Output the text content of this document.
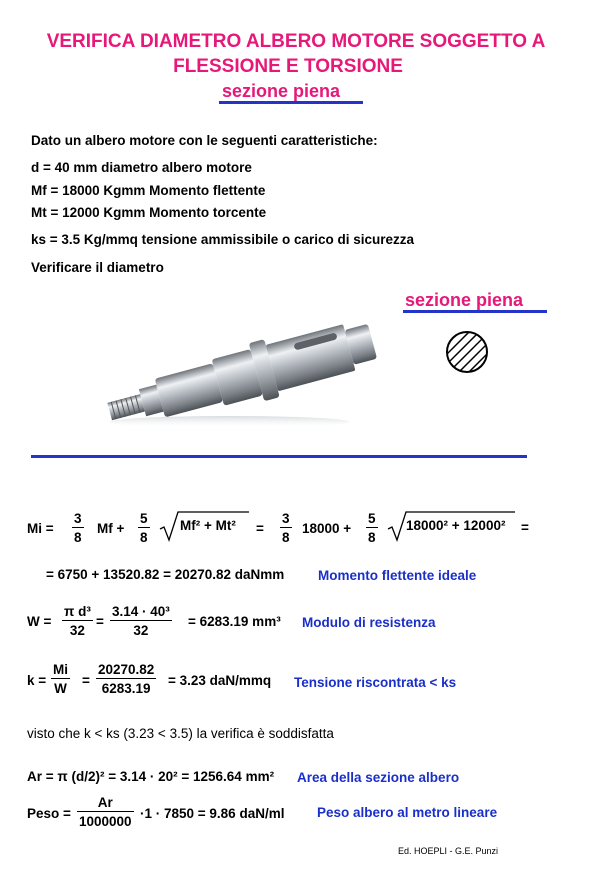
VERIFICA DIAMETRO ALBERO MOTORE SOGGETTO A
FLESSIONE E TORSIONE
sezione piena
Dato un albero motore con le seguenti caratteristiche:
d = 40 mm diametro albero motore
Mf = 18000 Kgmm Momento flettente
Mt = 12000 Kgmm Momento torcente
ks = 3.5 Kg/mmq tensione ammissibile o carico di sicurezza
Verificare il diametro
sezione piena
Mi =
3
8
Mf +
5
8
Mf² + Mt² =
3
8
18000 +
5
8
18000² + 12000² =
= 6750 + 13520.82 = 20270.82 daNmm Momento flettente ideale
W =
π d³
32
=
3.14 · 40³
32
= 6283.19 mm³ Modulo di resistenza
k =
Mi
W
=
20270.82
6283.19
= 3.23 daN/mmq Tensione riscontrata < ks
visto che k < ks (3.23 < 3.5) la verifica è soddisfatta
Ar = π (d/2)² = 3.14 · 20² = 1256.64 mm² Area della sezione albero
Peso =
Ar
1000000
·1 · 7850 = 9.86 daN/ml Peso albero al metro lineare
Ed. HOEPLI - G.E. Punzi
